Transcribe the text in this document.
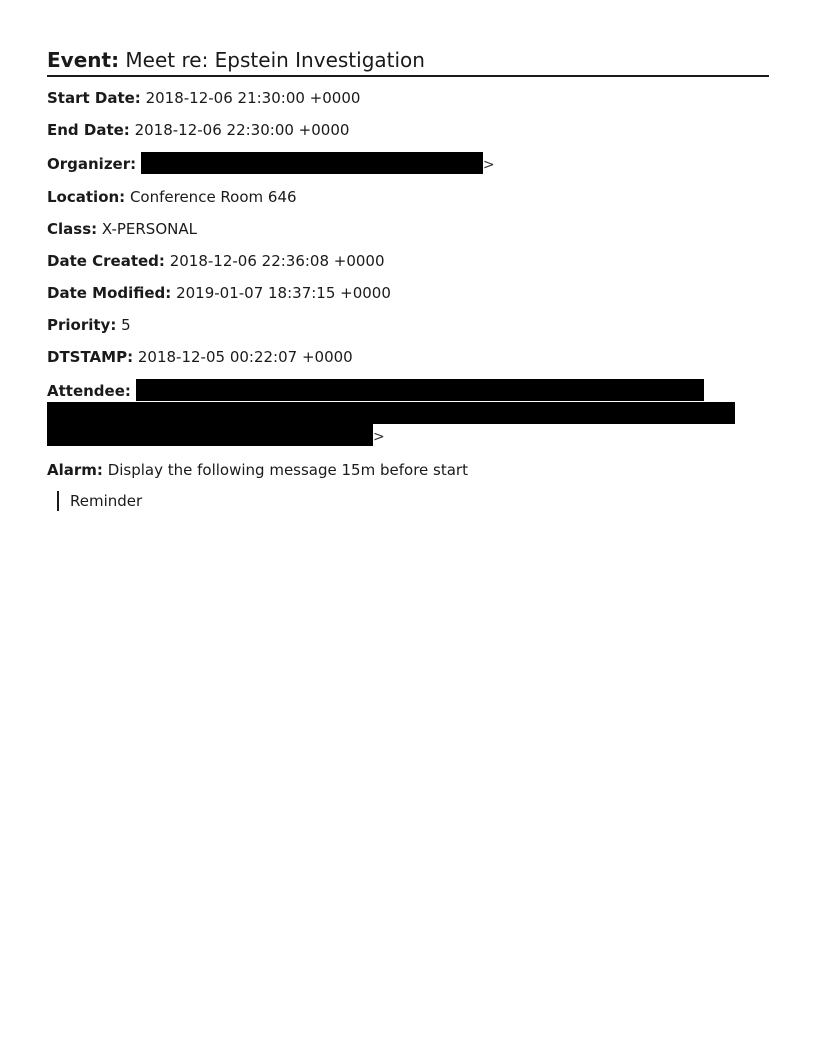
Event: Meet re: Epstein Investigation
Start Date: 2018-12-06 21:30:00 +0000
End Date: 2018-12-06 22:30:00 +0000
Organizer:	>
Location: Conference Room 646
Class: X-PERSONAL
Date Created: 2018-12-06 22:36:08 +0000
Date Modified: 2019-01-07 18:37:15 +0000
Priority: 5
DTSTAMP: 2018-12-05 00:22:07 +0000
Attendee:
>
Alarm: Display the following message 15m before start
Reminder
